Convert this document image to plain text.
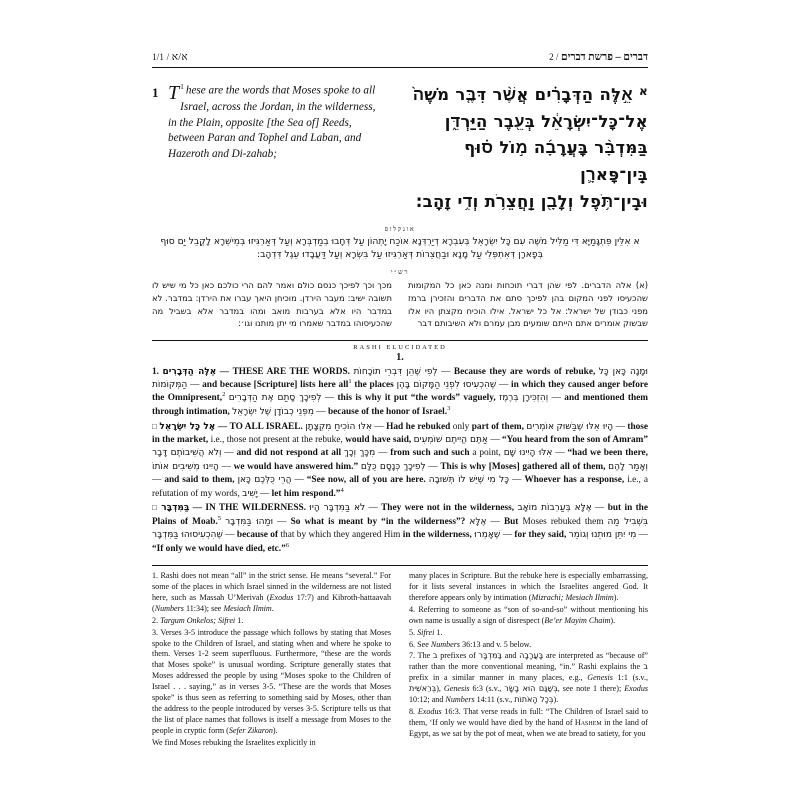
1/1 / א/א	דברים – פרשת דברים / 2
1	$^1$
T hese are the words that Moses spoke to all Israel, across the Jordan, in the wilderness, in the Plain, opposite [the Sea of] Reeds, between Paran and Tophel and Laban, and Hazeroth and Di-zahab;
א
אֵ֣לֶּה הַדְּבָרִ֗ים אֲשֶׁ֨ר דִּבֶּ֤ר מֹשֶׁה֙
אֶל־כָּל־יִשְׂרָאֵ֔ל בְּעֵ֖בֶר הַיַּרְדֵּ֑ן
בַּמִּדְבָּ֨ר בָּֽעֲרָבָ֜ה מ֣וֹל ס֗וּף בֵּֽין־פָּארָ֛ן
וּבֵֽין־תֹּ֥פֶל וְלָבָ֖ן וַֽחֲצֵרֹ֥ת וְדִ֥י זָהָֽב:
אונקלוס
א אִלֵּין פִּתְגָּמַיָּא דִּי מַלִּיל מֹשֶׁה עִם כָּל יִשְׂרָאֵל בְּעִבְרָא דְיַרְדְּנָא אוֹכַח יָתְהוֹן עַל דְּחָבוּ בְמַדְבְּרָא וְעַל דְּאַרְגִּיזוּ בְּמֵישְׁרָא לָקֳבֵל יַם סוּף בְּפָארָן דְּאִתְפְּלִי עַל מָנָא וּבַחֲצֵרוֹת דְּאַרְגִּיזוּ עַל בִּשְׂרָא וְעַל דַּעֲבָדוּ עֵגֶל דִּדְהָב:
רש״י
(א) אלה הדברים. לפי שהן דברי תוכחות ומנה כאן כל המקומות שהכעיסו לפני המקום בהן לפיכך סתם את הדברים והזכירן ברמז מפני כבודן של ישראל: אל כל ישראל. אילו הוכיח מקצתן היו אלו שבשוק אומרים אתם הייתם שומעים מבן עמרם ולא השיבותם דבר
מכך וכך לפיכך כנסם כולם ואמר להם הרי כולכם כאן כל מי שיש לו תשובה ישיב: מעבר הירדן. מוכיחן היאך עברו את הירדן: במדבר. לא במדבר היו אלא בערבות מואב ומהו במדבר אלא בשביל מה שהכעיסוהו במדבר שאמרו מי יתן מותנו וגו׳:
RASHI ELUCIDATED
1.

1. אֵלֶּה הַדְּבָרִים — THESE ARE THE WORDS. לְפִי שֶׁהֵן דִּבְרֵי תוֹכָחוֹת — Because they are words of rebuke, וּמָנָה כָּאן כָּל הַמְּקוֹמוֹת — and because [Scripture] lists here all$^1$ the places שֶׁהִכְעִיסוּ לִפְנֵי הַמָּקוֹם בָּהֶן — in which they caused anger before the Omnipresent,$^2$ לְפִיכָךְ סָתַם אֶת הַדְּבָרִים — this is why it put “the words” vaguely, וְהִזְכִּירָן בְּרֶמֶז — and mentioned them through intimation, מִפְּנֵי כְבוֹדָן שֶׁל יִשְׂרָאֵל — because of the honor of Israel.$^3$

□ אֶל כָּל יִשְׂרָאֵל — TO ALL ISRAEL. אִלּוּ הוֹכִיחַ מִקְצָתָן — Had he rebuked only part of them,	הָיוּ אֵלּוּ שֶׁבַּשּׁוּק אוֹמְרִים	— those in the market, i.e., those not present at the rebuke, would have said, אַתֶּם הֱיִיתֶם שׁוֹמְעִים — “You heard from the son of Amram” וְלֹא הֲשִׁיבוֹתֶם דָּבָר — and did not respond at all מִכָּךְ וְכָךְ — from such and such a point, אִלּוּ הָיִינוּ שָׁם — “had we been there, הָיִינוּ מְשִׁיבִים אוֹתוֹ — we would have answered him.” לְפִיכָךְ כְּנָסָם כֻּלָּם — This is why [Moses] gathered all of them, וְאָמַר לָהֶם — and said to them, הֲרֵי כֻּלְּכֶם כָּאן — “See now, all of you are here. כָּל מִי שֶׁיֵּשׁ לוֹ תְּשׁוּבָה — Whoever has a response, i.e., a refutation of my words, יָשִׁיב — let him respond.”$^4$

□ בַּמִּדְבָּר — IN THE WILDERNESS. לֹא בַּמִּדְבָּר הָיוּ — They were not in the wilderness, אֶלָּא בְּעַרְבוֹת מוֹאָב — but in the Plains of Moab.$^5$ וּמַהוּ בַּמִּדְבָּר — So what is meant by “in the wilderness”? אֶלָּא — But Moses rebuked them בִּשְׁבִיל מַה שֶּׁהִכְעִיסוּהוּ בַּמִּדְבָּר — because of that by which they angered Him in the wilderness, שֶׁאָמְרוּ — for they said, מִי יִתֵּן מוּתֵנוּ וְגוֹמֵר — “If only we would have died, etc.”$^6$

1. Rashi does not mean “all” in the strict sense. He means “several.” For some of the places in which Israel sinned in the wilderness are not listed here, such as Massah U’Merivah (Exodus 17:7) and Kibroth-hattaavah (Numbers 11:34); see Mesiach Ilmim.

2. Targum Onkelos; Sifrei 1.

3. Verses 3-5 introduce the passage which follows by stating that Moses spoke to the Children of Israel, and stating when and where he spoke to them. Verses 1-2 seem superfluous. Furthermore, “these are the words that Moses spoke” is unusual wording. Scripture generally states that Moses addressed the people by using “Moses spoke to the Children of Israel . . . saying,” as in verses 3-5. “These are the words that Moses spoke” is thus seen as referring to something said by Moses, other than the address to the people introduced by verses 3-5. Scripture tells us that the list of place names that follows is itself a message from Moses to the people in cryptic form (Sefer Zikaron).

We find Moses rebuking the Israelites explicitly in

many places in Scripture. But the rebuke here is especially embarrassing, for it lists several instances in which the Israelites angered God. It therefore appears only by intimation (Mizrachi; Mesiach Ilmim).

4. Referring to someone as “son of so-and-so” without mentioning his own name is usually a sign of disrespect (Be’er Mayim Chaim).

5. Sifrei 1.

6. See Numbers 36:13 and v. 5 below.

7. The ב prefixes of בַּמִּדְבָּר and בָּעֲרָבָה are interpreted as “because of” rather than the more conventional meaning, “in.” Rashi explains the ב prefix in a similar manner in many places, e.g., Genesis 1:1 (s.v., בְּרֵאשִׁית), Genesis 6:3 (s.v., בְּשַׁגַּם הוּא בָשָׂר, see note 1 there); Exodus 10:12; and Numbers 14:11 (s.v., בְּכָל הָאֹתוֹת).

8. Exodus 16:3. That verse reads in full: “The Children of Israel said to them, ‘If only we would have died by the hand of Hashem in the land of Egypt, as we sat by the pot of meat, when we ate bread to satiety, for you
